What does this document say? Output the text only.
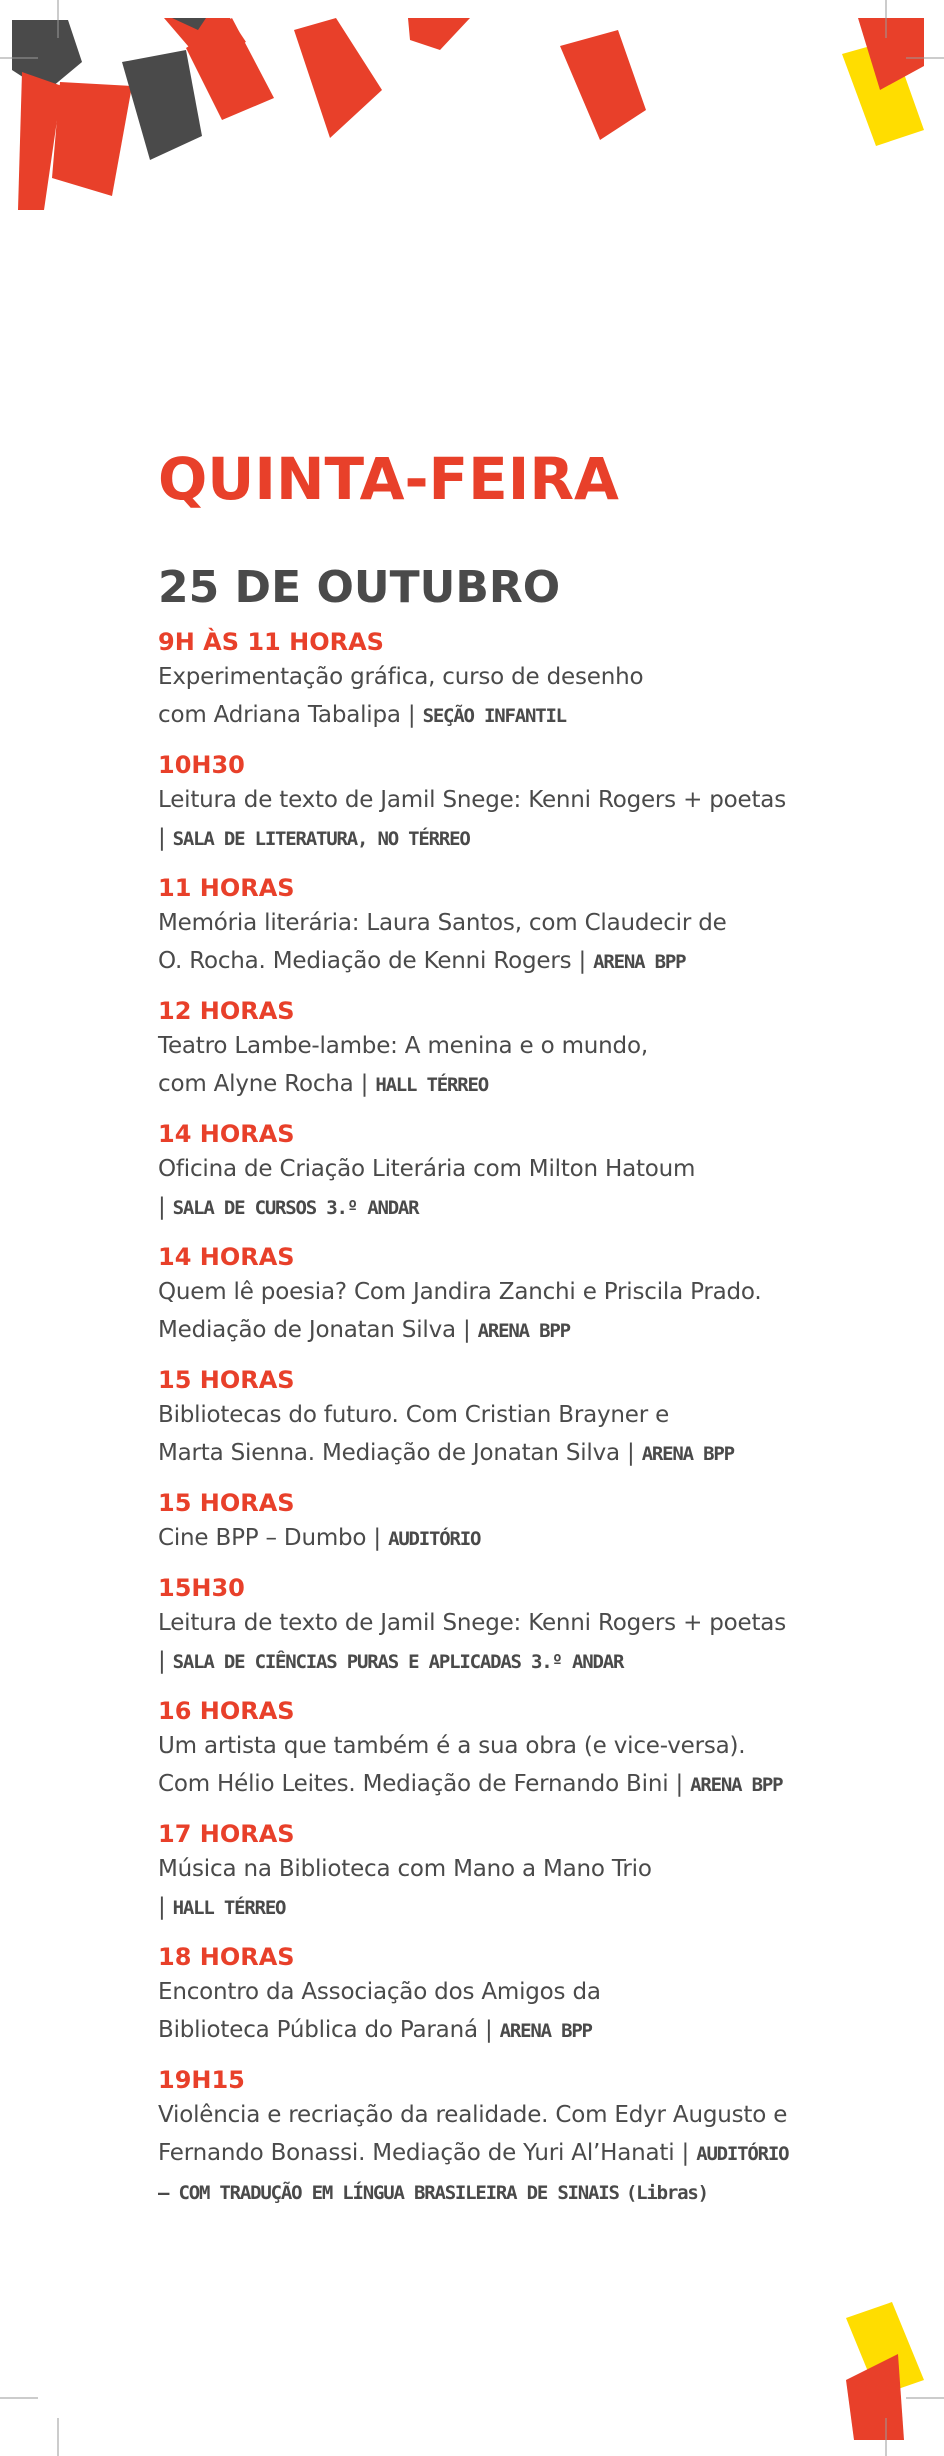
QUINTA-FEIRA
25 DE OUTUBRO
9H ÀS 11 HORAS
Experimentação gráfica, curso de desenho
com Adriana Tabalipa | SEÇÃO INFANTIL
10H30
Leitura de texto de Jamil Snege: Kenni Rogers + poetas
| SALA DE LITERATURA, NO TÉRREO
11 HORAS
Memória literária: Laura Santos, com Claudecir de
O. Rocha. Mediação de Kenni Rogers | ARENA BPP
12 HORAS
Teatro Lambe-lambe: A menina e o mundo,
com Alyne Rocha | HALL TÉRREO
14 HORAS
Oficina de Criação Literária com Milton Hatoum
| SALA DE CURSOS 3.º ANDAR
14 HORAS
Quem lê poesia? Com Jandira Zanchi e Priscila Prado.
Mediação de Jonatan Silva | ARENA BPP
15 HORAS
Bibliotecas do futuro. Com Cristian Brayner e
Marta Sienna. Mediação de Jonatan Silva | ARENA BPP
15 HORAS
Cine BPP – Dumbo | AUDITÓRIO
15H30
Leitura de texto de Jamil Snege: Kenni Rogers + poetas
| SALA DE CIÊNCIAS PURAS E APLICADAS 3.º ANDAR
16 HORAS
Um artista que também é a sua obra (e vice-versa).
Com Hélio Leites. Mediação de Fernando Bini | ARENA BPP
17 HORAS
Música na Biblioteca com Mano a Mano Trio
| HALL TÉRREO
18 HORAS
Encontro da Associação dos Amigos da
Biblioteca Pública do Paraná | ARENA BPP
19H15
Violência e recriação da realidade. Com Edyr Augusto e
Fernando Bonassi. Mediação de Yuri Al’Hanati | AUDITÓRIO
– COM TRADUÇÃO EM LÍNGUA BRASILEIRA DE SINAIS (Libras)
